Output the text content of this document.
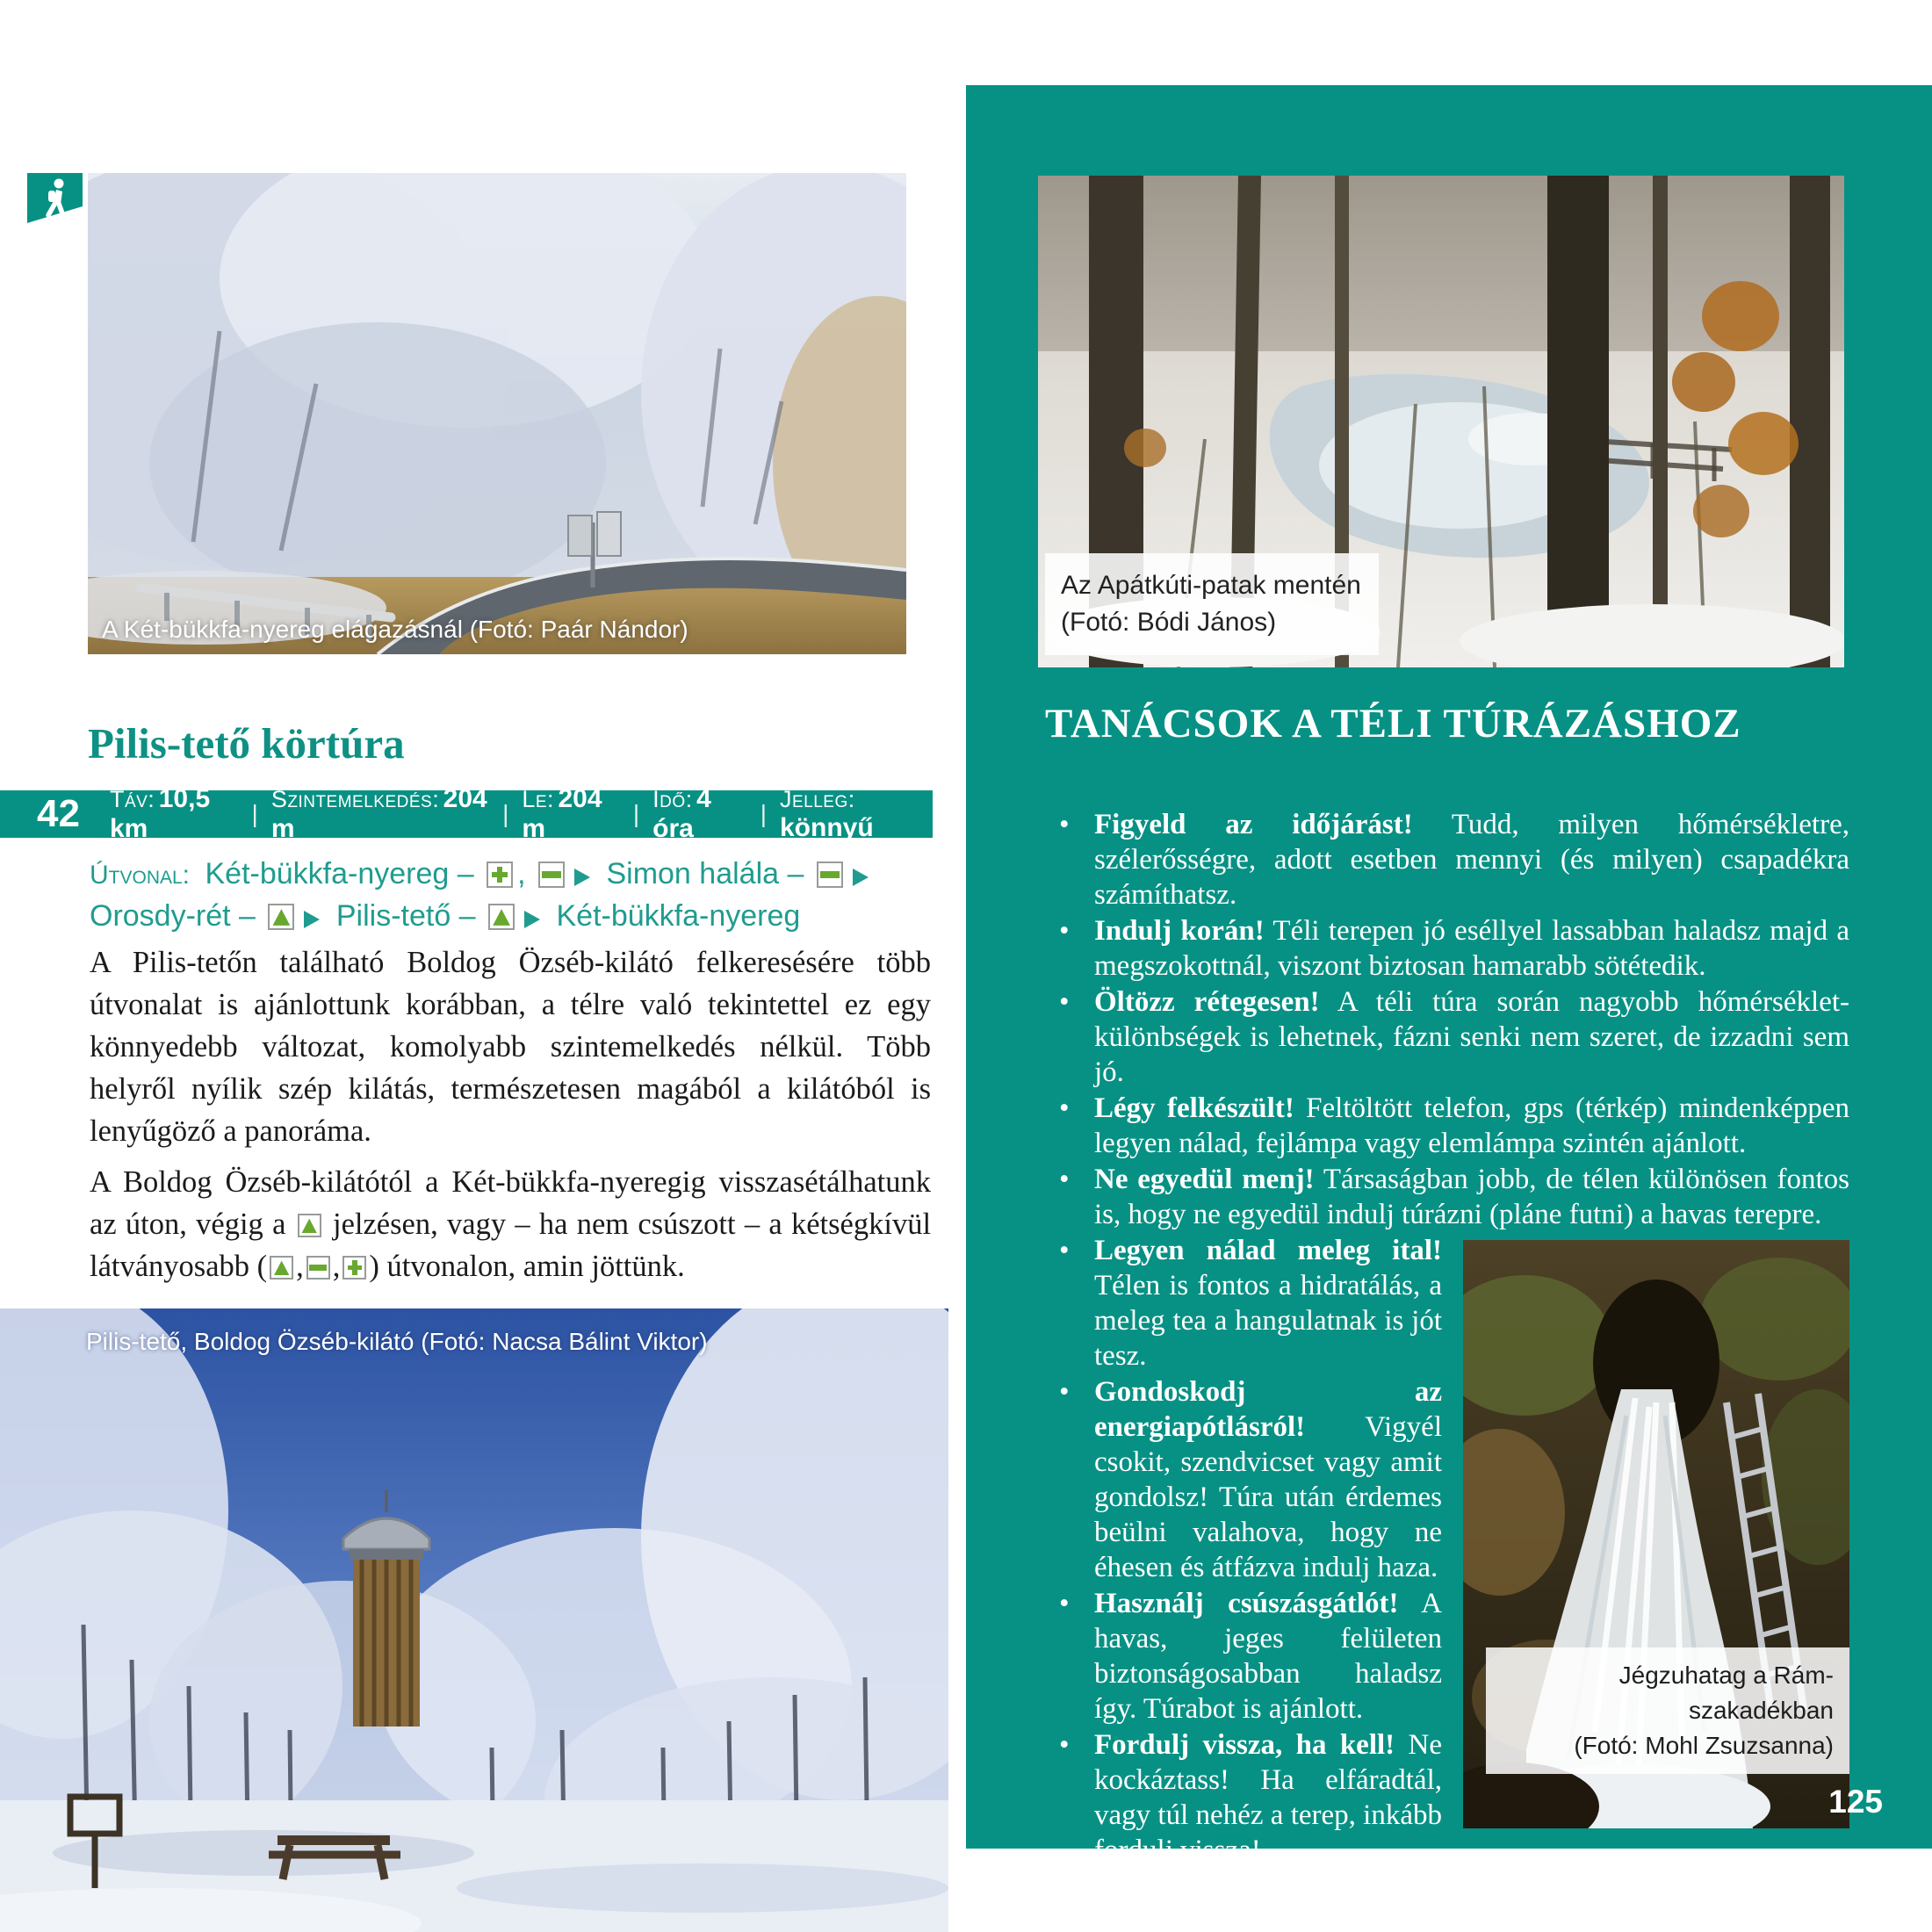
A Két-bükkfa-nyereg elágazásnál (Fotó: Paár Nándor)
Pilis-tető körtúra
42 Táv: 10,5 km
|
Szintemelkedés: 204 m
|
Le: 204 m
|
Idő: 4 óra
|
Jelleg: könnyű
Útvonal: Két-bükkfa-nyereg – ,	Simon halála –  Orosdy-rét –	Pilis-tető –	Két-bükkfa-nyereg

A Pilis-tetőn található Boldog Özséb-kilátó felkeresésére több útvonalat is ajánlottunk korábban, a télre való tekintettel ez egy könnyedebb változat, komolyabb szintemelkedés nélkül. Több helyről nyílik szép kilátás, természetesen magából a kilátóból is lenyűgöző a panoráma.

A Boldog Özséb-kilátótól a Két-bükkfa-nyeregig visszasétálhatunk az úton, végig a jelzésen, vagy – ha nem csúszott – a kétségkívül látványosabb ( , , ) útvonalon, amin jöttünk.

Pilis-tető, Boldog Özséb-kilátó (Fotó: Nacsa Bálint Viktor)
Az Apátkúti-patak mentén
(Fotó: Bódi János)
TANÁCSOK A TÉLI TÚRÁZÁSHOZ
• Figyeld az időjárást! Tudd, milyen hőmérsékletre, szélerősségre, adott esetben mennyi (és milyen) csapadékra számíthatsz.
• Indulj korán! Téli terepen jó eséllyel lassabban haladsz majd a megszokottnál, viszont biztosan hamarabb sötétedik.
• Öltözz rétegesen! A téli túra során nagyobb hőmérséklet-különbségek is lehetnek, fázni senki nem szeret, de izzadni sem jó.
• Légy felkészült! Feltöltött telefon, gps (térkép) mindenképpen legyen nálad, fejlámpa vagy elemlámpa szintén ajánlott.
• Ne egyedül menj! Társaságban jobb, de télen különösen fontos is, hogy ne egyedül indulj túrázni (pláne futni) a havas terepre.
Jégzuhatag a Rám-szakadékban
(Fotó: Mohl Zsuzsanna)
• Legyen nálad meleg ital! Télen is fontos a hidratálás, a meleg tea a hangulatnak is jót tesz.
• Gondoskodj az energiapótlásról! Vigyél csokit, szendvicset vagy amit gondolsz! Túra után érdemes beülni valahova, hogy ne éhesen és átfázva indulj haza.
• Használj csúszásgátlót! A havas, jeges felületen biztonságosabban haladsz így. Túrabot is ajánlott.
• Fordulj vissza, ha kell! Ne kockáztass! Ha elfáradtál, vagy túl nehéz a terep, inkább fordulj vissza!
125
